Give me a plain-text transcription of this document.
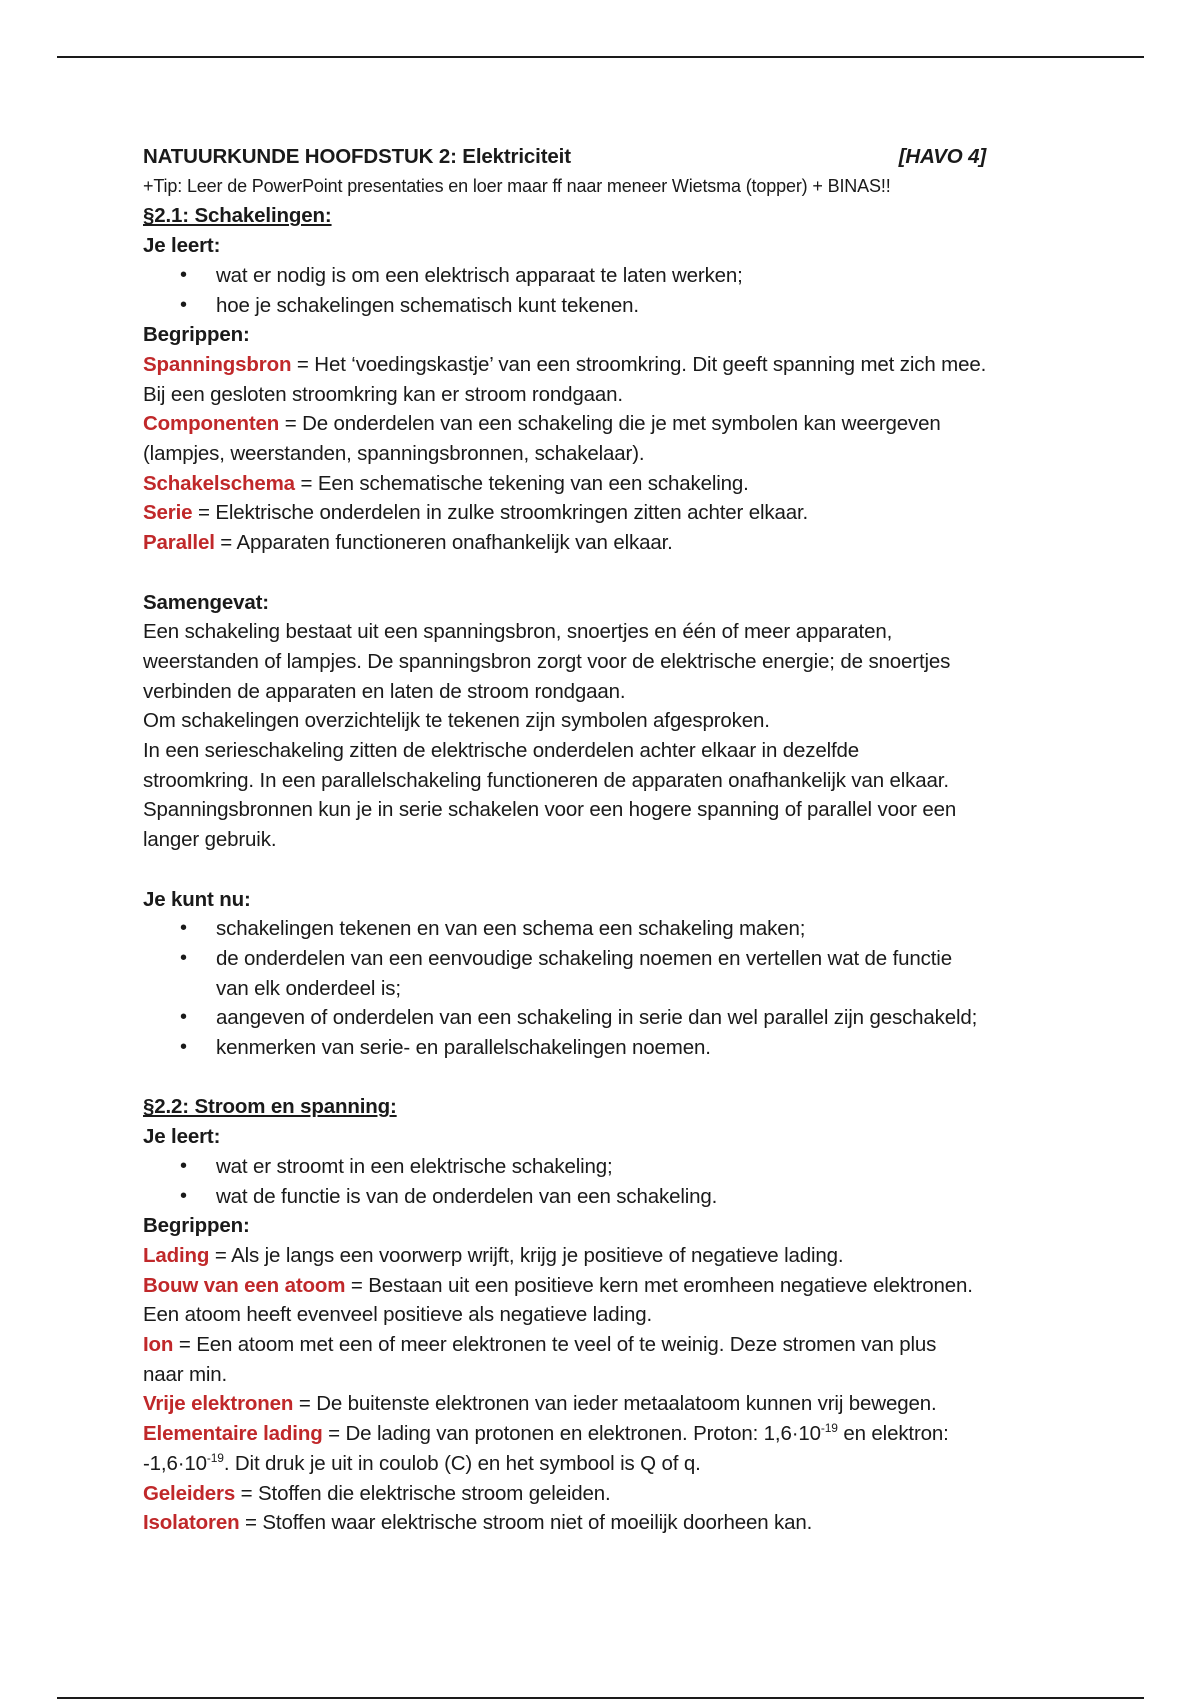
NATUURKUNDE HOOFDSTUK 2: Elektriciteit	[HAVO 4]
+Tip: Leer de PowerPoint presentaties en loer maar ff naar meneer Wietsma (topper) + BINAS!!
§2.1: Schakelingen:
Je leert:
• wat er nodig is om een elektrisch apparaat te laten werken;
• hoe je schakelingen schematisch kunt tekenen.
Begrippen:
Spanningsbron = Het ‘voedingskastje’ van een stroomkring. Dit geeft spanning met zich mee.
Bij een gesloten stroomkring kan er stroom rondgaan.
Componenten = De onderdelen van een schakeling die je met symbolen kan weergeven
(lampjes, weerstanden, spanningsbronnen, schakelaar).
Schakelschema = Een schematische tekening van een schakeling.
Serie = Elektrische onderdelen in zulke stroomkringen zitten achter elkaar.
Parallel = Apparaten functioneren onafhankelijk van elkaar.
Samengevat:
Een schakeling bestaat uit een spanningsbron, snoertjes en één of meer apparaten,
weerstanden of lampjes. De spanningsbron zorgt voor de elektrische energie; de snoertjes
verbinden de apparaten en laten de stroom rondgaan.
Om schakelingen overzichtelijk te tekenen zijn symbolen afgesproken.
In een serieschakeling zitten de elektrische onderdelen achter elkaar in dezelfde
stroomkring. In een parallelschakeling functioneren de apparaten onafhankelijk van elkaar.
Spanningsbronnen kun je in serie schakelen voor een hogere spanning of parallel voor een
langer gebruik.
Je kunt nu:
• schakelingen tekenen en van een schema een schakeling maken;
• de onderdelen van een eenvoudige schakeling noemen en vertellen wat de functie
van elk onderdeel is;
• aangeven of onderdelen van een schakeling in serie dan wel parallel zijn geschakeld;
• kenmerken van serie- en parallelschakelingen noemen.
§2.2: Stroom en spanning:
Je leert:
• wat er stroomt in een elektrische schakeling;
• wat de functie is van de onderdelen van een schakeling.
Begrippen:
Lading = Als je langs een voorwerp wrijft, krijg je positieve of negatieve lading.
Bouw van een atoom = Bestaan uit een positieve kern met eromheen negatieve elektronen.
Een atoom heeft evenveel positieve als negatieve lading.
Ion = Een atoom met een of meer elektronen te veel of te weinig. Deze stromen van plus
naar min.
Vrije elektronen = De buitenste elektronen van ieder metaalatoom kunnen vrij bewegen.
Elementaire lading = De lading van protonen en elektronen. Proton: $1,6\cdot 10^{-19}$ en elektron:
$-1,6\cdot 10^{-19}$. Dit druk je uit in coulob (C) en het symbool is Q of q.
Geleiders = Stoffen die elektrische stroom geleiden.
Isolatoren = Stoffen waar elektrische stroom niet of moeilijk doorheen kan.
